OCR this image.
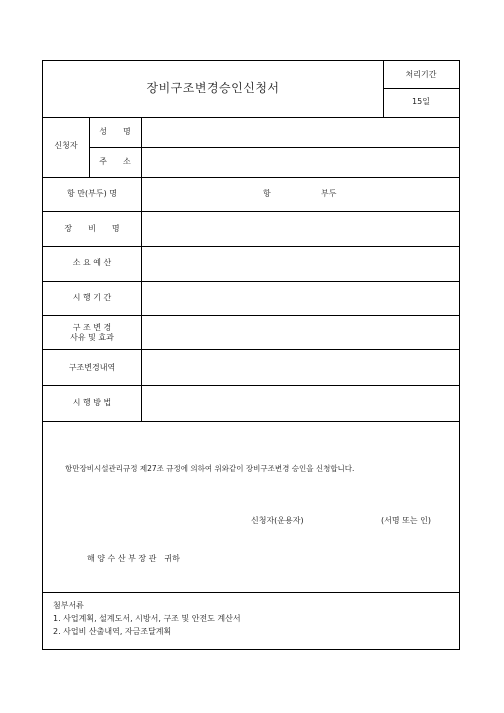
장비구조변경승인신청서
처리기간
15일
신청자
성　　명
주　　소
항 만(부두) 명	항	부두
장　　비　　명
소 요 예 산
시 행 기 간
구 조 변 경
사유 및 효과
구조변경내역
시 행 방 법
항만장비시설관리규정 제27조 규정에 의하여 위와같이 장비구조변경 승인을 신청합니다.
신청자(운용자)	(서명 또는 인)
해 양 수 산 부 장 관　귀하
첨부서류
1. 사업계획, 설계도서, 시방서, 구조 및 안전도 계산서
2. 사업비 산출내역, 자금조달계획
